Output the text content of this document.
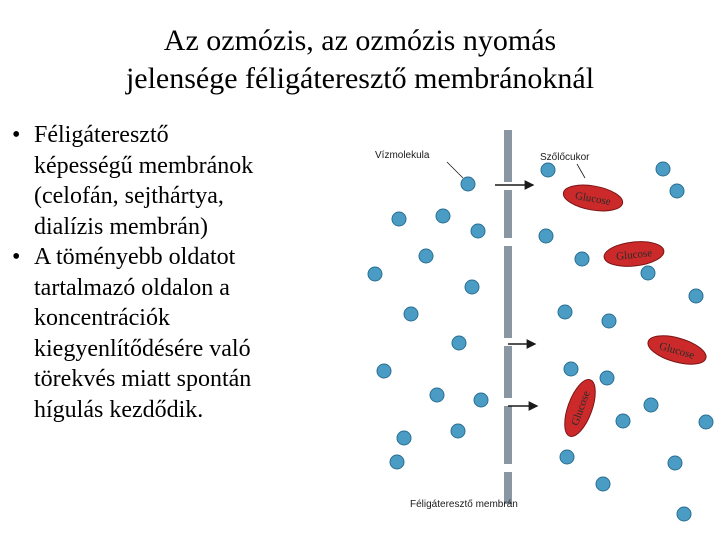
Az ozmózis, az ozmózis nyomás
jelensége féligáteresztő membránoknál
• Féligáteresztő
képességű membránok
(celofán, sejthártya,
dialízis membrán)
• A töményebb oldatot
tartalmazó oldalon a
koncentrációk
kiegyenlítődésére való
törekvés miatt spontán
hígulás kezdődik.
Vízmolekula	Szőlőcukor
Féligáteresztő membrán
Glucose
Glucose
Glucose
Glucose
